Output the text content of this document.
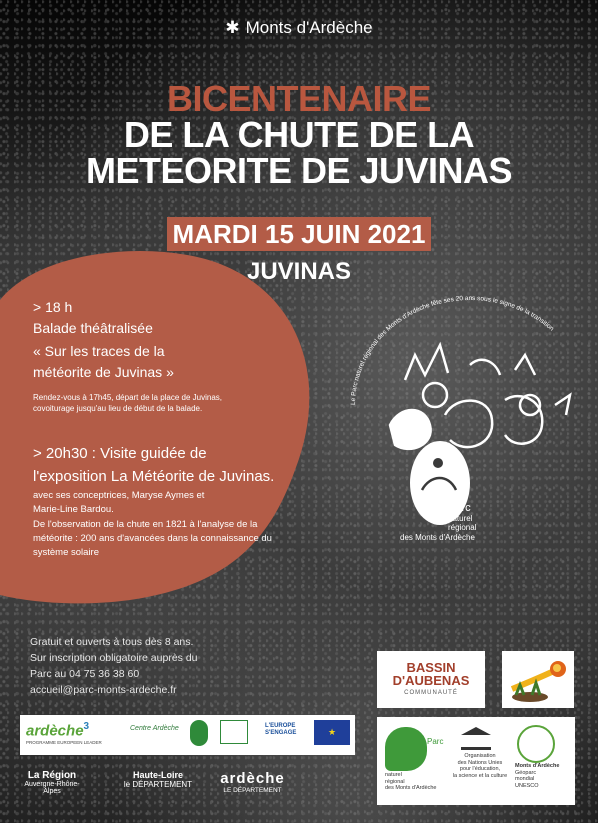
✱ Monts d'Ardèche
BICENTENAIRE
DE LA CHUTE DE LA
METEORITE DE JUVINAS
MARDI 15 JUIN 2021
JUVINAS
> 18 h
Balade théâtralisée
« Sur les traces de la
météorite de Juvinas »
Rendez-vous à 17h45, départ de la place de Juvinas, covoiturage jusqu'au lieu de début de la balade.
> 20h30 : Visite guidée de
l'exposition La Météorite de Juvinas.
avec ses conceptrices, Maryse Aymes et
Marie-Line Bardou.
De l'observation de la chute en 1821 à l'analyse de la météorite : 200 ans d'avancées dans la connaissance du système solaire
Le Parc naturel régional des Monts d'Ardèche fête ses 20 ans sous le signe de la transition
Parc
naturel
régional
des Monts d'Ardèche
Gratuit et ouverts à tous dès 8 ans.
Sur inscription obligatoire auprès du
Parc au 04 75 36 38 60
accueil@parc-monts-ardeche.fr
BASSIN
D'AUBENAS
COMMUNAUTÉ
ardèche$^3$
PROGRAMME EUROPEEN LEADER
Centre Ardèche	L'EUROPE
S'ENGAGE	★
La Région
Auvergne-Rhône-Alpes
Haute-Loire
le DÉPARTEMENT	ardèche
LE DÉPARTEMENT
Parc
naturel
régional
des Monts d'Ardèche
Organisation
des Nations Unies
pour l'éducation,
la science et la culture
Monts d'Ardèche
Géoparc
mondial
UNESCO
